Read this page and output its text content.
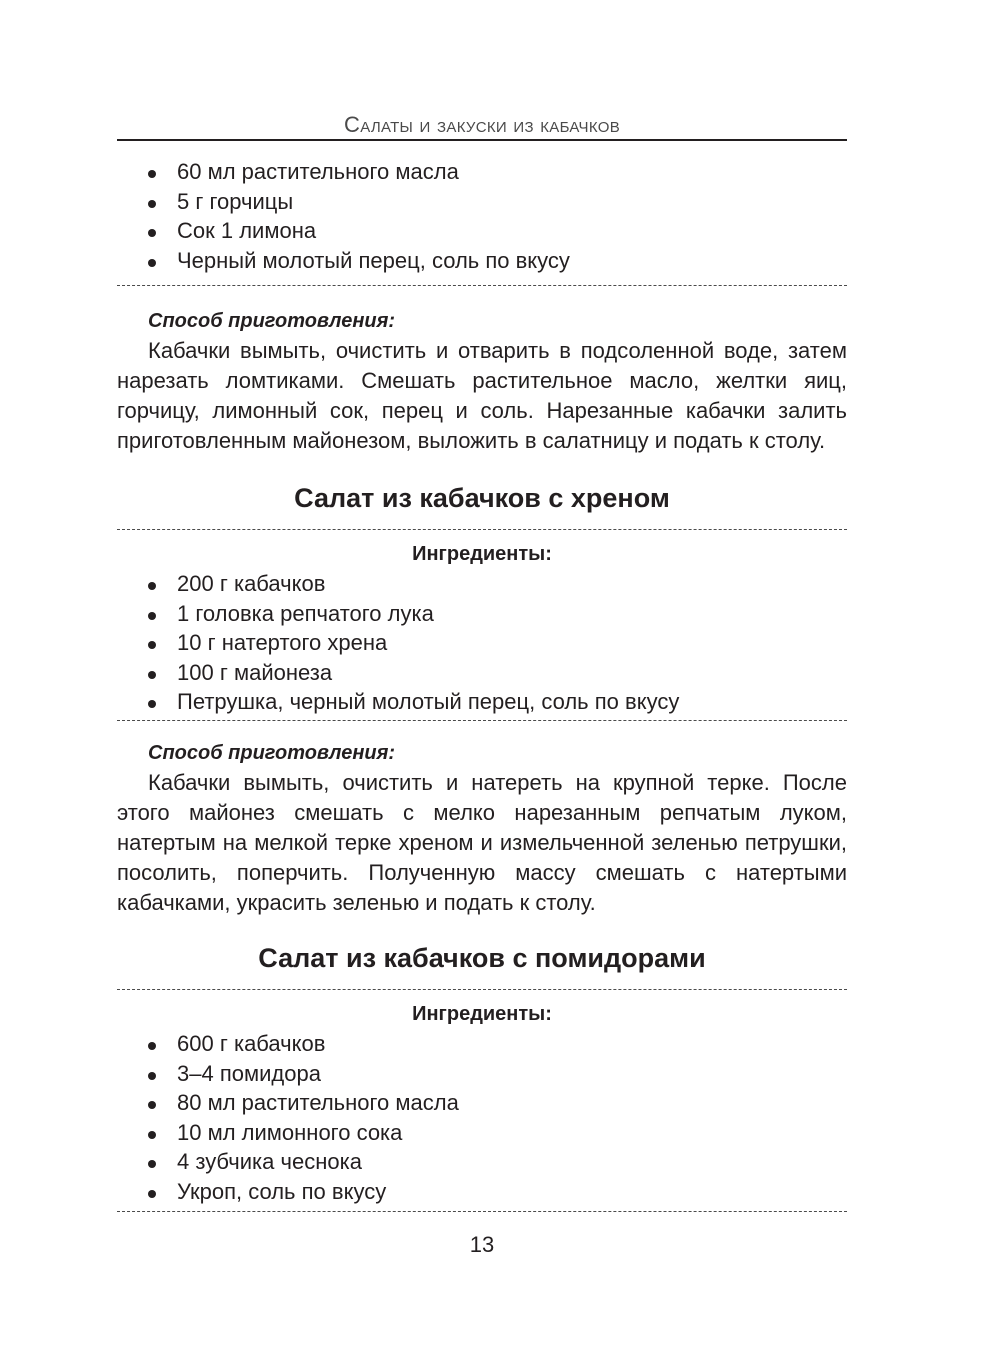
Салаты и закуски из кабачков
60 мл растительного масла
5 г горчицы
Сок 1 лимона
Черный молотый перец, соль по вкусу
Способ приготовления:
Кабачки вымыть, очистить и отварить в подсоленной воде, затем нарезать ломтиками. Смешать растительное масло, желтки яиц, горчицу, лимонный сок, перец и соль. Нарезанные кабачки залить приготовленным майонезом, выложить в салатницу и подать к столу.
Салат из кабачков с хреном
Ингредиенты:
200 г кабачков
1 головка репчатого лука
10 г натертого хрена
100 г майонеза
Петрушка, черный молотый перец, соль по вкусу
Способ приготовления:
Кабачки вымыть, очистить и натереть на крупной терке. После этого майонез смешать с мелко нарезанным репчатым луком, натертым на мелкой терке хреном и измельченной зеленью петрушки, посолить, поперчить. Полученную массу смешать с натертыми кабачками, украсить зеленью и подать к столу.
Салат из кабачков с помидорами
Ингредиенты:
600 г кабачков
3–4 помидора
80 мл растительного масла
10 мл лимонного сока
4 зубчика чеснока
Укроп, соль по вкусу
13
